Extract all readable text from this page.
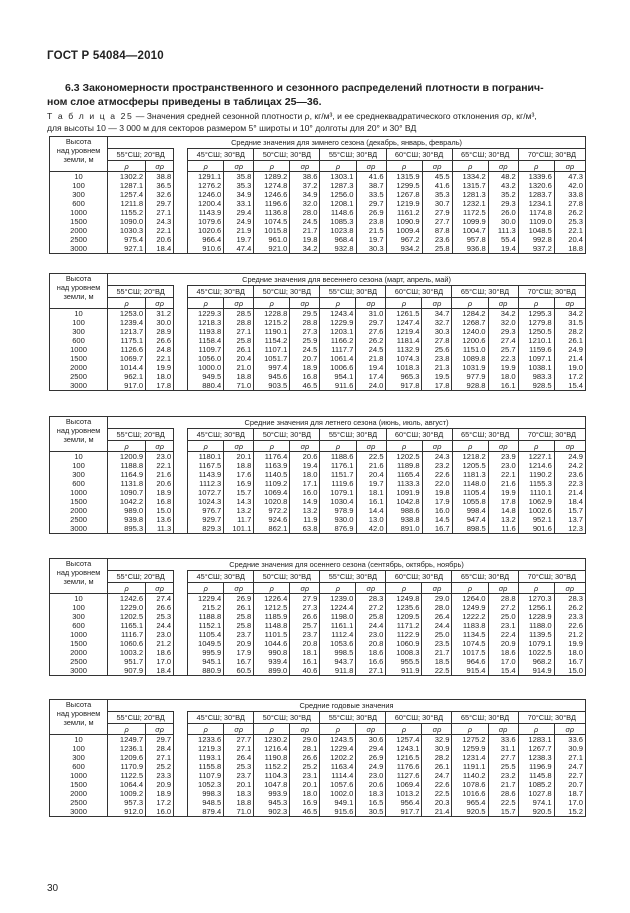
ГОСТ Р 54084—2010
6.3 Закономерности пространственного и сезонного распределений плотности в погранич-
ном слое атмосферы приведены в таблицах 25—36.
Т а б л и ц а 25 — Значения средней сезонной плотности ρ, кг/м³, и ее среднеквадратического отклонения σρ, кг/м³,
для высоты 10 — 3 000 м для секторов размером 5° широты и 10° долготы для 20° и 30° ВД
Высота
над уровнем
земли, м	Средние значения для зимнего сезона (декабрь, январь, февраль)														
	55°СШ; 20°ВД			45°СШ; 30°ВД		50°СШ; 30°ВД		55°СШ; 30°ВД		60°СШ; 30°ВД		65°СШ; 30°ВД		70°СШ; 30°ВД	
	ρ	σρ		ρ	σρ	ρ	σρ	ρ	σρ	ρ	σρ	ρ	σρ	ρ	σρ
10	1302.2	38.8		1291.1	35.8	1289.2	38.6	1303.1	41.6	1315.9	45.5	1334.2	48.2	1339.6	47.3
100	1287.1	36.5		1276.2	35.3	1274.8	37.2	1287.3	38.7	1299.5	41.6	1315.7	43.2	1320.6	42.0
300	1257.4	32.6		1246.0	34.9	1246.6	34.9	1256.0	33.5	1267.8	35.3	1281.3	35.2	1283.7	33.8
600	1211.8	29.7		1200.4	33.1	1196.6	32.0	1208.1	29.7	1219.9	30.7	1232.1	29.3	1234.1	27.8
1000	1155.2	27.1		1143.9	29.4	1136.8	28.0	1148.6	26.9	1161.2	27.9	1172.5	26.0	1174.8	26.2
1500	1090.0	24.3		1079.6	24.9	1074.5	24.5	1085.3	23.8	1090.9	27.7	1099.9	30.0	1109.0	25.3
2000	1030.3	22.1		1020.6	21.9	1015.8	21.7	1023.8	21.5	1009.4	87.8	1004.7	111.3	1048.5	22.1
2500	975.4	20.6		966.4	19.7	961.0	19.8	968.4	19.7	967.2	23.6	957.8	55.4	992.8	20.4
3000	927.1	18.4		910.6	47.4	921.0	34.2	932.8	30.3	934.2	25.8	936.8	19.4	937.2	18.8
Высота
над уровнем
земли, м	Средние значения для весеннего сезона (март, апрель, май)														
	55°СШ; 20°ВД			45°СШ; 30°ВД		50°СШ; 30°ВД		55°СШ; 30°ВД		60°СШ; 30°ВД		65°СШ; 30°ВД		70°СШ; 30°ВД	
	ρ	σρ		ρ	σρ	ρ	σρ	ρ	σρ	ρ	σρ	ρ	σρ	ρ	σρ
10	1253.0	31.2		1229.3	28.5	1228.8	29.5	1243.4	31.0	1261.5	34.7	1284.2	34.2	1295.3	34.2
100	1239.4	30.0		1218.3	28.8	1215.2	28.8	1229.9	29.7	1247.4	32.7	1268.7	32.0	1279.8	31.5
300	1213.7	28.9		1193.8	27.1	1190.1	27.3	1203.1	27.6	1219.4	30.3	1240.0	29.3	1250.5	28.2
600	1175.1	26.6		1158.4	25.8	1154.2	25.9	1166.2	26.2	1181.4	27.8	1200.6	27.4	1210.1	26.1
1000	1126.6	24.8		1109.7	26.1	1107.1	24.5	1117.7	24.5	1132.9	25.6	1151.0	25.7	1159.6	24.9
1500	1069.7	22.1		1056.0	20.4	1051.7	20.7	1061.4	21.8	1074.3	23.8	1089.8	22.3	1097.1	21.4
2000	1014.4	19.9		1000.0	21.0	997.4	18.9	1006.6	19.4	1018.3	21.3	1031.9	19.9	1038.1	19.0
2500	962.1	18.0		949.5	18.8	945.6	16.8	954.1	17.4	965.3	19.5	977.9	18.0	983.3	17.2
3000	917.0	17.8		880.4	71.0	903.5	46.5	911.6	24.0	917.8	17.8	928.8	16.1	928.5	15.4
Высота
над уровнем
земли, м	Средние значения для летнего сезона (июнь, июль, август)														
	55°СШ; 20°ВД			45°СШ; 30°ВД		50°СШ; 30°ВД		55°СШ; 30°ВД		60°СШ; 30°ВД		65°СШ; 30°ВД		70°СШ; 30°ВД	
	ρ	σρ		ρ	σρ	ρ	σρ	ρ	σρ	ρ	σρ	ρ	σρ	ρ	σρ
10	1200.9	23.0		1180.1	20.1	1176.4	20.6	1188.6	22.5	1202.5	24.3	1218.2	23.9	1227.1	24.9
100	1188.8	22.1		1167.5	18.8	1163.9	19.4	1176.1	21.6	1189.8	23.2	1205.5	23.0	1214.6	24.2
300	1164.9	21.6		1143.9	17.6	1140.5	18.0	1151.7	20.4	1165.4	22.6	1181.3	22.1	1190.2	23.6
600	1131.8	20.6		1112.3	16.9	1109.2	17.1	1119.6	19.7	1133.3	22.0	1148.0	21.6	1155.3	22.3
1000	1090.7	18.9		1072.7	15.7	1069.4	16.0	1079.1	18.1	1091.9	19.8	1105.4	19.9	1110.1	21.4
1500	1042.2	16.8		1024.3	14.3	1020.8	14.9	1030.4	16.1	1042.8	17.9	1055.8	17.8	1062.9	18.4
2000	989.0	15.0		976.7	13.2	972.2	13.2	978.9	14.4	988.6	16.0	998.4	14.8	1002.6	15.7
2500	939.8	13.6		929.7	11.7	924.6	11.9	930.0	13.0	938.8	14.5	947.4	13.2	952.1	13.7
3000	895.3	11.3		829.3	101.1	862.1	63.8	876.9	42.0	891.0	16.7	898.5	11.6	901.6	12.3
Высота
над уровнем
земли, м	Средние значения для осеннего сезона (сентябрь, октябрь, ноябрь)														
	55°СШ; 20°ВД			45°СШ; 30°ВД		50°СШ; 30°ВД		55°СШ; 30°ВД		60°СШ; 30°ВД		65°СШ; 30°ВД		70°СШ; 30°ВД	
	ρ	σρ		ρ	σρ	ρ	σρ	ρ	σρ	ρ	σρ	ρ	σρ	ρ	σρ
10	1242.6	27.4		1229.4	26.9	1226.4	27.9	1239.0	28.3	1249.8	29.0	1264.0	28.8	1270.3	28.3
100	1229.0	26.6		215.2	26.1	1212.5	27.3	1224.4	27.2	1235.6	28.0	1249.9	27.2	1256.1	26.2
300	1202.5	25.3		1188.8	25.8	1185.9	26.6	1198.0	25.8	1209.5	26.4	1222.2	25.0	1228.9	23.3
600	1165.1	24.4		1152.1	25.8	1148.8	25.7	1161.1	24.4	1171.2	24.4	1183.8	23.1	1188.0	22.6
1000	1116.7	23.0		1105.4	23.7	1101.5	23.7	1112.4	23.0	1122.9	25.0	1134.5	22.4	1139.5	21.2
1500	1060.6	21.2		1049.5	20.9	1044.6	20.8	1053.6	20.8	1060.9	23.5	1074.5	20.9	1079.1	19.9
2000	1003.2	18.6		995.9	17.9	990.8	18.1	998.5	18.6	1008.3	21.7	1017.5	18.6	1022.5	18.0
2500	951.7	17.0		945.1	16.7	939.4	16.1	943.7	16.6	955.5	18.5	964.6	17.0	968.2	16.7
3000	907.9	18.4		880.9	60.5	899.0	40.6	911.8	27.1	911.9	22.5	915.4	15.4	914.9	15.0
Высота
над уровнем
земли, м	Средние годовые значения														
	55°СШ; 20°ВД			45°СШ; 30°ВД		50°СШ; 30°ВД		55°СШ; 30°ВД		60°СШ; 30°ВД		65°СШ; 30°ВД		70°СШ; 30°ВД	
	ρ	σρ		ρ	σρ	ρ	σρ	ρ	σρ	ρ	σρ	ρ	σρ	ρ	σρ
10	1249.7	29.7		1233.6	27.7	1230.2	29.0	1243.5	30.6	1257.4	32.9	1275.2	33.6	1283.1	33.6
100	1236.1	28.4		1219.3	27.1	1216.4	28.1	1229.4	29.4	1243.1	30.9	1259.9	31.1	1267.7	30.9
300	1209.6	27.1		1193.1	26.4	1190.8	26.6	1202.2	26.9	1216.5	28.2	1231.4	27.7	1238.3	27.1
600	1170.9	25.2		1155.8	25.3	1152.2	25.2	1163.4	24.9	1176.6	26.1	1191.1	25.5	1196.9	24.7
1000	1122.5	23.3		1107.9	23.7	1104.3	23.1	1114.4	23.0	1127.6	24.7	1140.2	23.2	1145.8	22.7
1500	1064.4	20.9		1052.3	20.1	1047.8	20.1	1057.6	20.6	1069.4	22.6	1078.6	21.7	1085.2	20.7
2000	1009.2	18.9		998.3	18.3	993.9	18.0	1002.0	18.3	1013.2	22.5	1016.6	28.6	1027.8	18.7
2500	957.3	17.2		948.5	18.8	945.3	16.9	949.1	16.5	956.4	20.3	965.4	22.5	974.1	17.0
3000	912.0	16.0		879.4	71.0	902.3	46.5	915.6	30.5	917.7	21.4	920.5	15.7	920.5	15.2
30
